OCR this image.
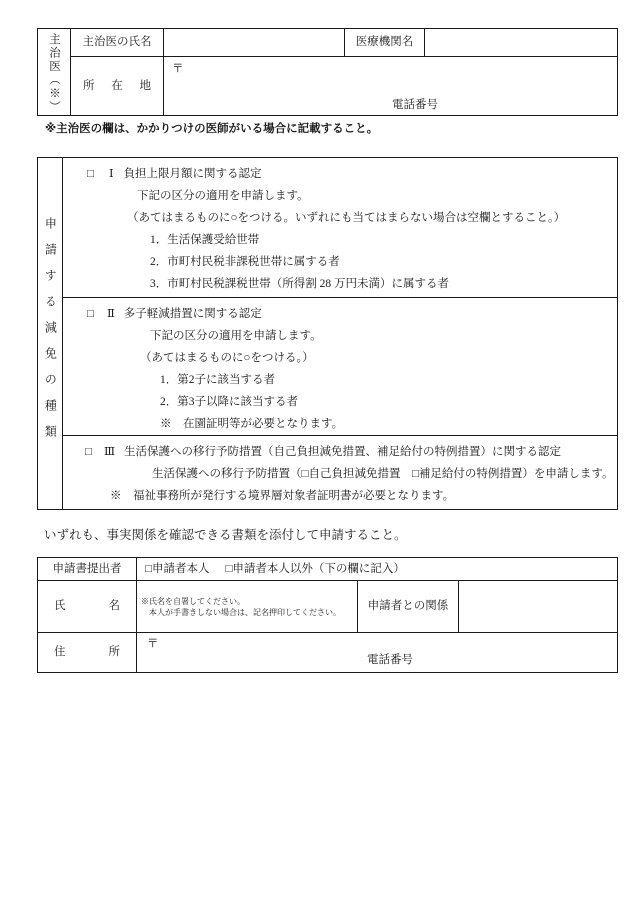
主治医（※）	主治医の氏名		医療機関名	

	所　在　地	〒
電話番号		
※主治医の欄は、かかりつけの医師がいる場合に記載すること。
申請する減免の種類

□ Ⅰ 負担上限月額に関する認定
下記の区分の適用を申請します。
（あてはまるものに○をつける。いずれにも当てはまらない場合は空欄とすること。）
1．生活保護受給世帯
2．市町村民税非課税世帯に属する者
3．市町村民税課税世帯（所得割 28 万円未満）に属する者

□ Ⅱ 多子軽減措置に関する認定
下記の区分の適用を申請します。
（あてはまるものに○をつける。）
1．第2子に該当する者
2．第3子以降に該当する者
※　在園証明等が必要となります。

□ Ⅲ 生活保護への移行予防措置（自己負担減免措置、補足給付の特例措置）に関する認定
生活保護への移行予防措置（□自己負担減免措置　□補足給付の特例措置）を申請します。
※　福祉事務所が発行する境界層対象者証明書が必要となります。
いずれも、事実関係を確認できる書類を添付して申請すること。
申請書提出者	□申請者本人 □申請者本人以外（下の欄に記入）		

氏　名	※氏名を自署してください。
　本人が手書きしない場合は、記名押印してください。	申請者との関係	

住　所	〒
電話番号		
